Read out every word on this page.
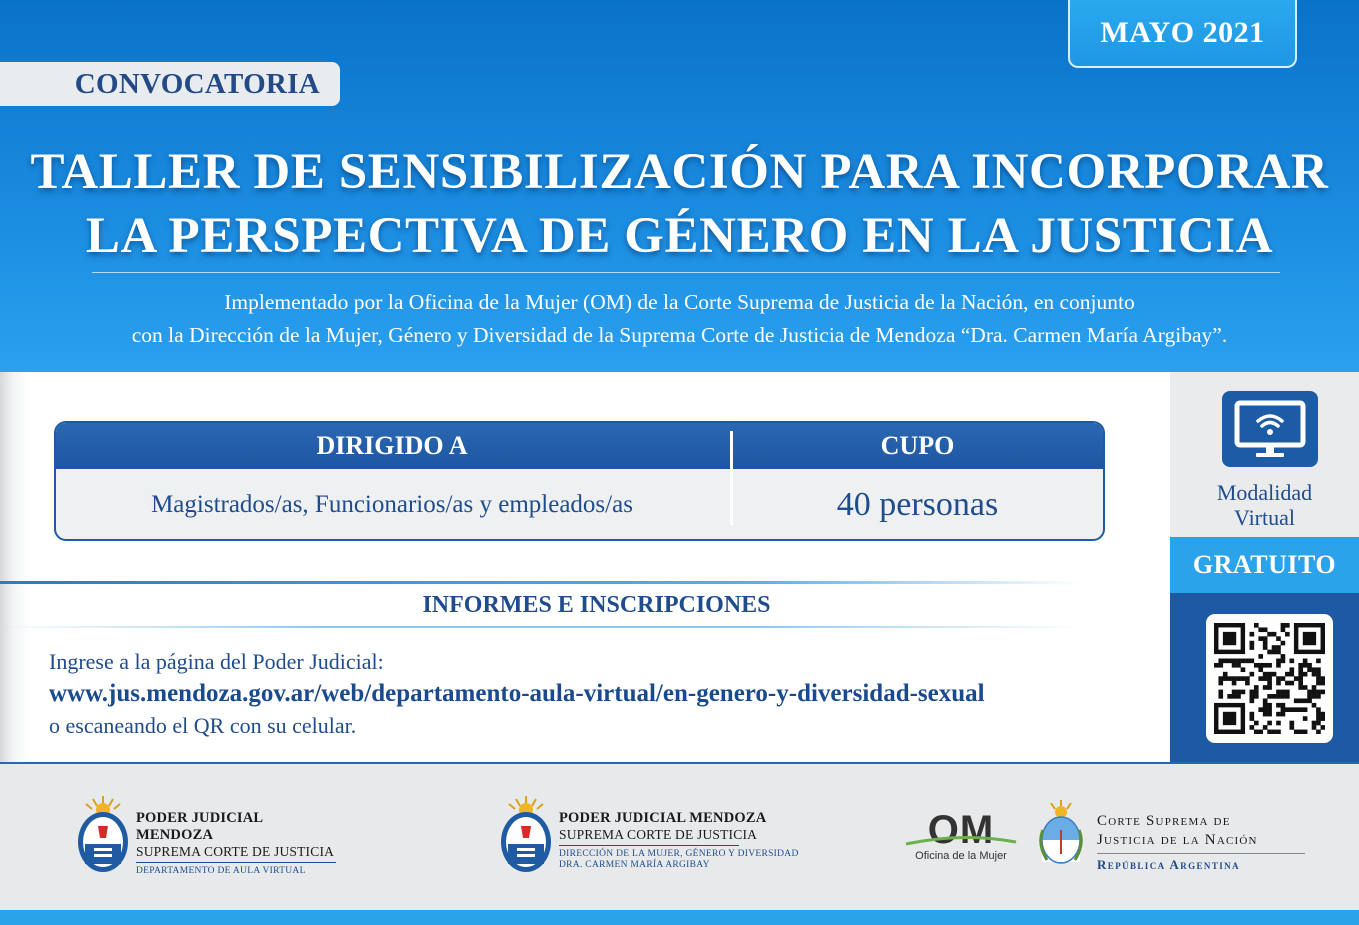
MAYO 2021
CONVOCATORIA
TALLER DE SENSIBILIZACIÓN PARA INCORPORAR
LA PERSPECTIVA DE GÉNERO EN LA JUSTICIA
Implementado por la Oficina de la Mujer (OM) de la Corte Suprema de Justicia de la Nación, en conjunto
con la Dirección de la Mujer, Género y Diversidad de la Suprema Corte de Justicia de Mendoza “Dra. Carmen María Argibay”.
DIRIGIDO A	CUPO
Magistrados/as, Funcionarios/as y empleados/as	40 personas
INFORMES E INSCRIPCIONES
Ingrese a la página del Poder Judicial:
www.jus.mendoza.gov.ar/web/departamento-aula-virtual/en-genero-y-diversidad-sexual
o escaneando el QR con su celular.
Modalidad
Virtual
GRATUITO
PODER JUDICIAL MENDOZA
SUPREMA CORTE DE JUSTICIA
DEPARTAMENTO DE AULA VIRTUAL
PODER JUDICIAL MENDOZA
SUPREMA CORTE DE JUSTICIA
DIRECCIÓN DE LA MUJER, GÉNERO Y DIVERSIDAD
DRA. CARMEN MARÍA ARGIBAY
OM
Oficina de la Mujer
Corte Suprema de
Justicia de la Nación
República Argentina
